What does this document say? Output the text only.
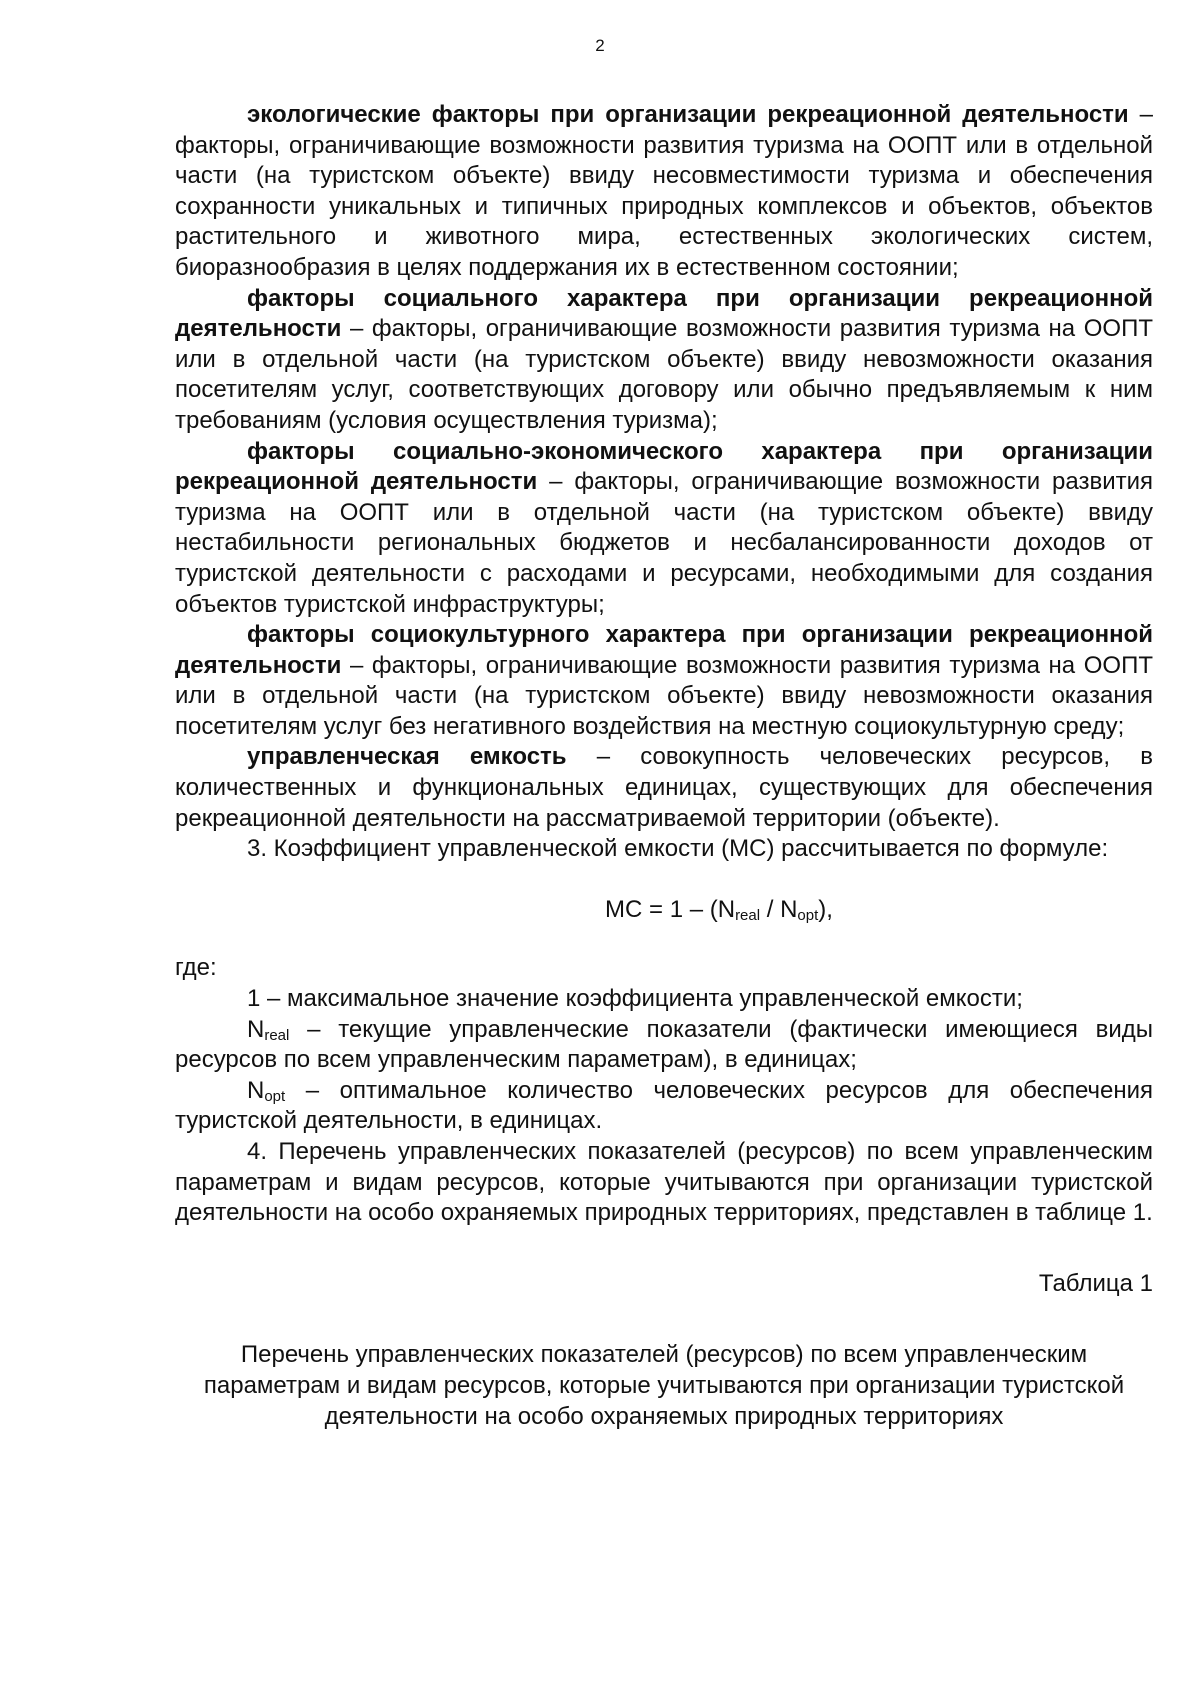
2

экологические факторы при организации рекреационной деятельности – факторы, ограничивающие возможности развития туризма на ООПТ или в отдельной части (на туристском объекте) ввиду несовместимости туризма и обеспечения сохранности уникальных и типичных природных комплексов и объектов, объектов растительного и животного мира, естественных экологических систем, биоразнообразия в целях поддержания их в естественном состоянии;

факторы социального характера при организации рекреационной деятельности – факторы, ограничивающие возможности развития туризма на ООПТ или в отдельной части (на туристском объекте) ввиду невозможности оказания посетителям услуг, соответствующих договору или обычно предъявляемым к ним требованиям (условия осуществления туризма);

факторы социально-экономического характера при организации рекреационной деятельности – факторы, ограничивающие возможности развития туризма на ООПТ или в отдельной части (на туристском объекте) ввиду нестабильности региональных бюджетов и несбалансированности доходов от туристской деятельности с расходами и ресурсами, необходимыми для создания объектов туристской инфраструктуры;

факторы социокультурного характера при организации рекреационной деятельности – факторы, ограничивающие возможности развития туризма на ООПТ или в отдельной части (на туристском объекте) ввиду невозможности оказания посетителям услуг без негативного воздействия на местную социокультурную среду;

управленческая емкость – совокупность человеческих ресурсов, в количественных и функциональных единицах, существующих для обеспечения рекреационной деятельности на рассматриваемой территории (объекте).

3. Коэффициент управленческой емкости (MC) рассчитывается по формуле:

MC = $1 - (N_{real} / N_{opt})$,

где:

1 – максимальное значение коэффициента управленческой емкости;

$N_{real}$ – текущие управленческие показатели (фактически имеющиеся виды ресурсов по всем управленческим параметрам), в единицах;

$N_{opt}$ – оптимальное количество человеческих ресурсов для обеспечения туристской деятельности, в единицах.

4. Перечень управленческих показателей (ресурсов) по всем управленческим параметрам и видам ресурсов, которые учитываются при организации туристской деятельности на особо охраняемых природных территориях, представлен в таблице 1.

Таблица 1
Перечень управленческих показателей (ресурсов) по всем управленческим параметрам и видам ресурсов, которые учитываются при организации туристской деятельности на особо охраняемых природных территориях
